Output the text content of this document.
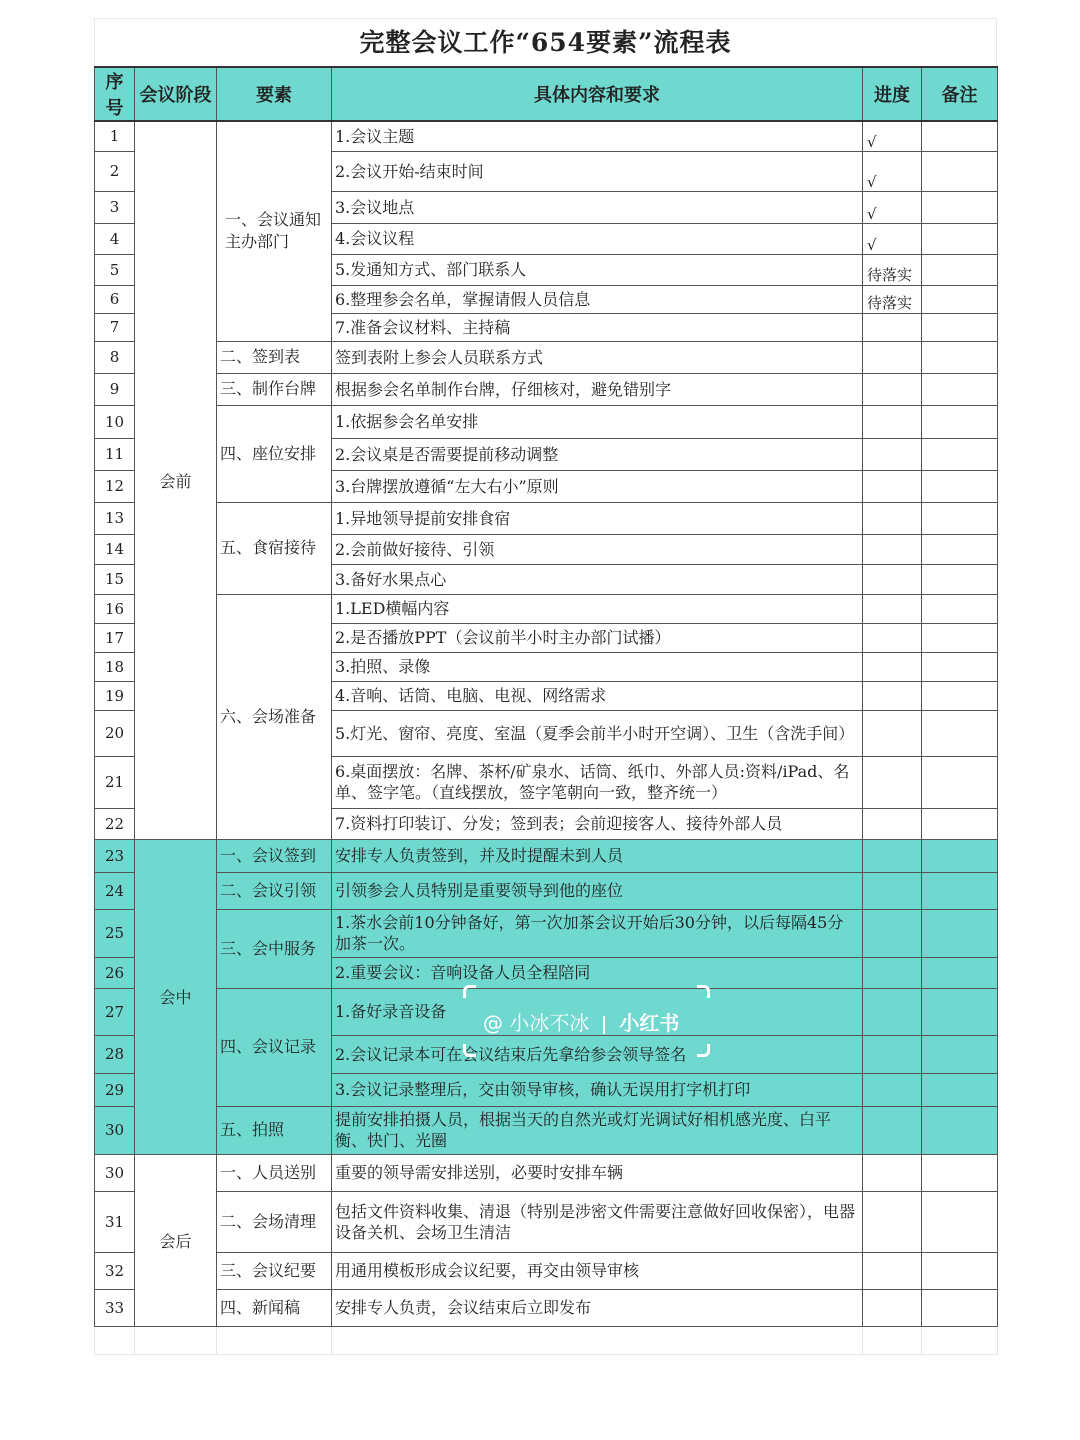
完整会议工作“654要素”流程表
序号	会议阶段	要素	具体内容和要求	进度	备注
1	会前	一、会议通知主办部门	1.会议主题	√	
2			2.会议开始-结束时间	√	
3			3.会议地点	√	
4			4.会议议程	√	
5			5.发通知方式、部门联系人	待落实	
6			6.整理参会名单，掌握请假人员信息	待落实	
7			7.准备会议材料、主持稿		
8		二、签到表	签到表附上参会人员联系方式		
9		三、制作台牌	根据参会名单制作台牌，仔细核对，避免错别字		
10		四、座位安排	1.依据参会名单安排		
11			2.会议桌是否需要提前移动调整		
12			3.台牌摆放遵循“左大右小”原则		
13		五、食宿接待	1.异地领导提前安排食宿		
14			2.会前做好接待、引领		
15			3.备好水果点心		
16		六、会场准备	1.LED横幅内容		
17			2.是否播放PPT（会议前半小时主办部门试播）		
18			3.拍照、录像		
19			4.音响、话筒、电脑、电视、网络需求		
20			5.灯光、窗帘、亮度、室温（夏季会前半小时开空调）、卫生（含洗手间）		
21			6.桌面摆放：名牌、茶杯/矿泉水、话筒、纸巾、外部人员:资料/iPad、名单、签字笔。（直线摆放，签字笔朝向一致，整齐统一）		
22			7.资料打印装订、分发；签到表；会前迎接客人、接待外部人员		
23	会中	一、会议签到	安排专人负责签到，并及时提醒未到人员		
24		二、会议引领	引领参会人员特别是重要领导到他的座位		
25		三、会中服务	1.茶水会前10分钟备好，第一次加茶会议开始后30分钟，以后每隔45分加茶一次。		
26			2.重要会议：音响设备人员全程陪同		
27		四、会议记录	1.备好录音设备		
28			2.会议记录本可在会议结束后先拿给参会领导签名		
29			3.会议记录整理后，交由领导审核，确认无误用打字机打印		
30		五、拍照	提前安排拍摄人员，根据当天的自然光或灯光调试好相机感光度、白平衡、快门、光圈		
30	会后	一、人员送别	重要的领导需安排送别，必要时安排车辆		
31		二、会场清理	包括文件资料收集、清退（特别是涉密文件需要注意做好回收保密），电器设备关机、会场卫生清洁		
32		三、会议纪要	用通用模板形成会议纪要，再交由领导审核		
33		四、新闻稿	安排专人负责，会议结束后立即发布		

@ 小冰不冰 小红书
